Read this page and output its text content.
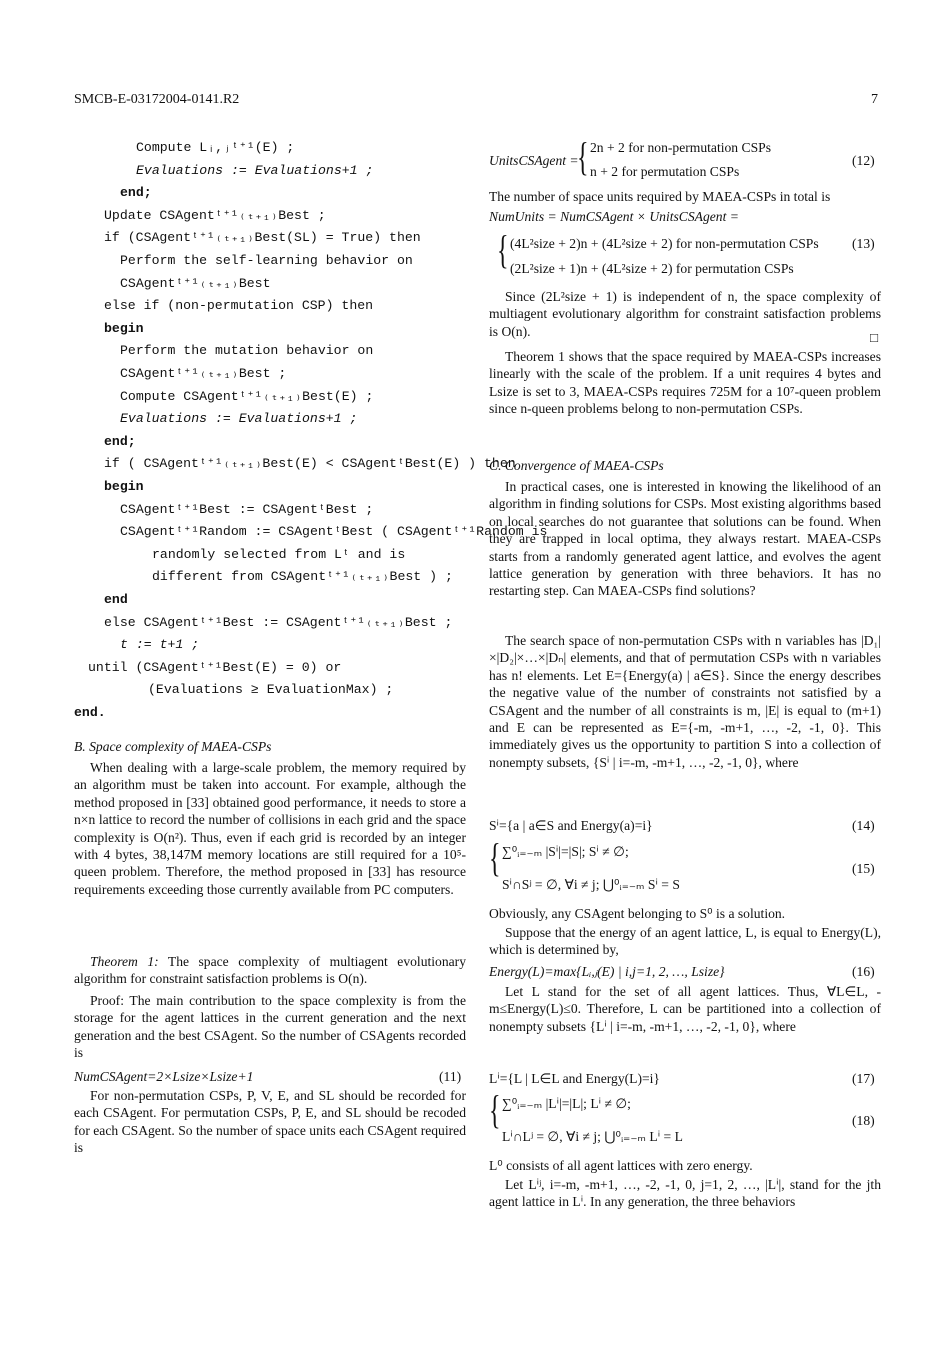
SMCB-E-03172004-0141.R2	7
Compute Lᵢ,ⱼᵗ⁺¹(E) ;
Evaluations := Evaluations+1 ;
end;
Update CSAgentᵗ⁺¹₍ₜ₊₁₎Best ;
if (CSAgentᵗ⁺¹₍ₜ₊₁₎Best(SL) = True) then
Perform the self-learning behavior on
CSAgentᵗ⁺¹₍ₜ₊₁₎Best
else if (non-permutation CSP) then
begin
Perform the mutation behavior on
CSAgentᵗ⁺¹₍ₜ₊₁₎Best ;
Compute CSAgentᵗ⁺¹₍ₜ₊₁₎Best(E) ;
Evaluations := Evaluations+1 ;
end;
if ( CSAgentᵗ⁺¹₍ₜ₊₁₎Best(E) < CSAgentᵗBest(E) ) then
begin
CSAgentᵗ⁺¹Best := CSAgentᵗBest ;
CSAgentᵗ⁺¹Random := CSAgentᵗBest ( CSAgentᵗ⁺¹Random is
randomly selected from Lᵗ and is
different from CSAgentᵗ⁺¹₍ₜ₊₁₎Best ) ;
end
else CSAgentᵗ⁺¹Best := CSAgentᵗ⁺¹₍ₜ₊₁₎Best ;
t := t+1 ;
until (CSAgentᵗ⁺¹Best(E) = 0) or
(Evaluations ≥ EvaluationMax) ;
end.
B. Space complexity of MAEA-CSPs
When dealing with a large-scale problem, the memory required by an algorithm must be taken into account. For example, although the method proposed in [33] obtained good performance, it needs to store a n×n lattice to record the number of collisions in each grid and the space complexity is O(n²). Thus, even if each grid is recorded by an integer with 4 bytes, 38,147M memory locations are still required for a 10⁵-queen problem. Therefore, the method proposed in [33] has resource requirements exceeding those currently available from PC computers.
Theorem 1: The space complexity of multiagent evolutionary algorithm for constraint satisfaction problems is O(n).
Proof: The main contribution to the space complexity is from the storage for the agent lattices in the current generation and the next generation and the best CSAgent. So the number of CSAgents recorded is
NumCSAgent=2×Lsize×Lsize+1	(11)
For non-permutation CSPs, P, V, E, and SL should be recorded for each CSAgent. For permutation CSPs, P, E, and SL should be recoded for each CSAgent. So the number of space units each CSAgent required is
UnitsCSAgent =
{ 2n + 2 for non-permutation CSPs
n + 2 for permutation CSPs
(12)
The number of space units required by MAEA-CSPs in total is
NumUnits = NumCSAgent × UnitsCSAgent =
{ (4L²size + 2)n + (4L²size + 2) for non-permutation CSPs
(2L²size + 1)n + (4L²size + 2) for permutation CSPs
(13)
Since (2L²size + 1) is independent of n, the space complexity of multiagent evolutionary algorithm for constraint satisfaction problems is O(n).	□
Theorem 1 shows that the space required by MAEA-CSPs increases linearly with the scale of the problem. If a unit requires 4 bytes and Lsize is set to 3, MAEA-CSPs requires 725M for a 10⁷-queen problem since n-queen problems belong to non-permutation CSPs.
C. Convergence of MAEA-CSPs
In practical cases, one is interested in knowing the likelihood of an algorithm in finding solutions for CSPs. Most existing algorithms based on local searches do not guarantee that solutions can be found. When they are trapped in local optima, they always restart. MAEA-CSPs starts from a randomly generated agent lattice, and evolves the agent lattice generation by generation with three behaviors. It has no restarting step. Can MAEA-CSPs find solutions?
The search space of non-permutation CSPs with n variables has |D₁|×|D₂|×…×|Dₙ| elements, and that of permutation CSPs with n variables has n! elements. Let E={Energy(a) | a∈S}. Since the energy describes the negative value of the number of constraints not satisfied by a CSAgent and the number of all constraints is m, |E| is equal to (m+1) and E can be represented as E={-m, -m+1, …, -2, -1, 0}. This immediately gives us the opportunity to partition S into a collection of nonempty subsets, {Sⁱ | i=-m, -m+1, …, -2, -1, 0}, where
Sⁱ={a | a∈S and Energy(a)=i}	(14)
{ ∑⁰ᵢ₌₋ₘ |Sⁱ|=|S|; Sⁱ ≠ ∅;
Sⁱ∩Sʲ = ∅, ∀i ≠ j; ⋃⁰ᵢ₌₋ₘ Sⁱ = S
(15)
Obviously, any CSAgent belonging to S⁰ is a solution.
Suppose that the energy of an agent lattice, L, is equal to Energy(L), which is determined by,
Energy(L)=max{Lᵢ,ⱼ(E) | i,j=1, 2, …, Lsize}	(16)
Let L stand for the set of all agent lattices. Thus, ∀L∈L, -m≤Energy(L)≤0. Therefore, L can be partitioned into a collection of nonempty subsets {Lⁱ | i=-m, -m+1, …, -2, -1, 0}, where
Lⁱ={L | L∈L and Energy(L)=i}	(17)
{ ∑⁰ᵢ₌₋ₘ |Lⁱ|=|L|; Lⁱ ≠ ∅;
Lⁱ∩Lʲ = ∅, ∀i ≠ j; ⋃⁰ᵢ₌₋ₘ Lⁱ = L
(18)
L⁰ consists of all agent lattices with zero energy.
Let Lⁱʲ, i=-m, -m+1, …, -2, -1, 0, j=1, 2, …, |Lⁱ|, stand for the jth agent lattice in Lⁱ. In any generation, the three behaviors
